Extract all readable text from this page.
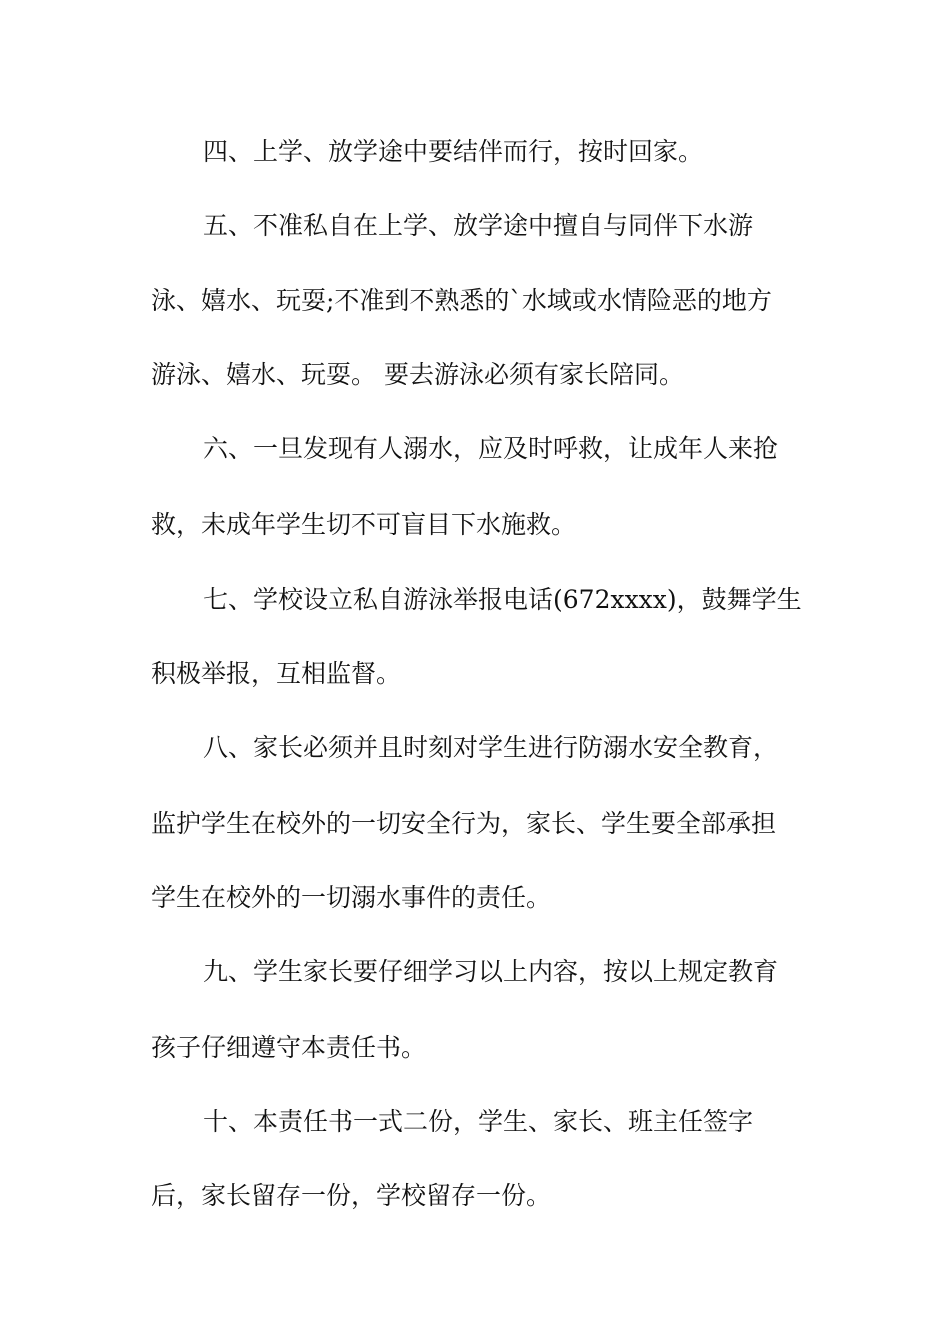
四、上学、放学途中要结伴而行，按时回家。

五、不准私自在上学、放学途中擅自与同伴下水游

泳、嬉水、玩耍;不准到不熟悉的`水域或水情险恶的地方

游泳、嬉水、玩耍。 要去游泳必须有家长陪同。

六、一旦发现有人溺水，应及时呼救，让成年人来抢

救，未成年学生切不可盲目下水施救。

七、学校设立私自游泳举报电话(672xxxx)，鼓舞学生

积极举报，互相监督。

八、家长必须并且时刻对学生进行防溺水安全教育，

监护学生在校外的一切安全行为，家长、学生要全部承担

学生在校外的一切溺水事件的责任。

九、学生家长要仔细学习以上内容，按以上规定教育

孩子仔细遵守本责任书。

十、本责任书一式二份，学生、家长、班主任签字

后，家长留存一份，学校留存一份。
